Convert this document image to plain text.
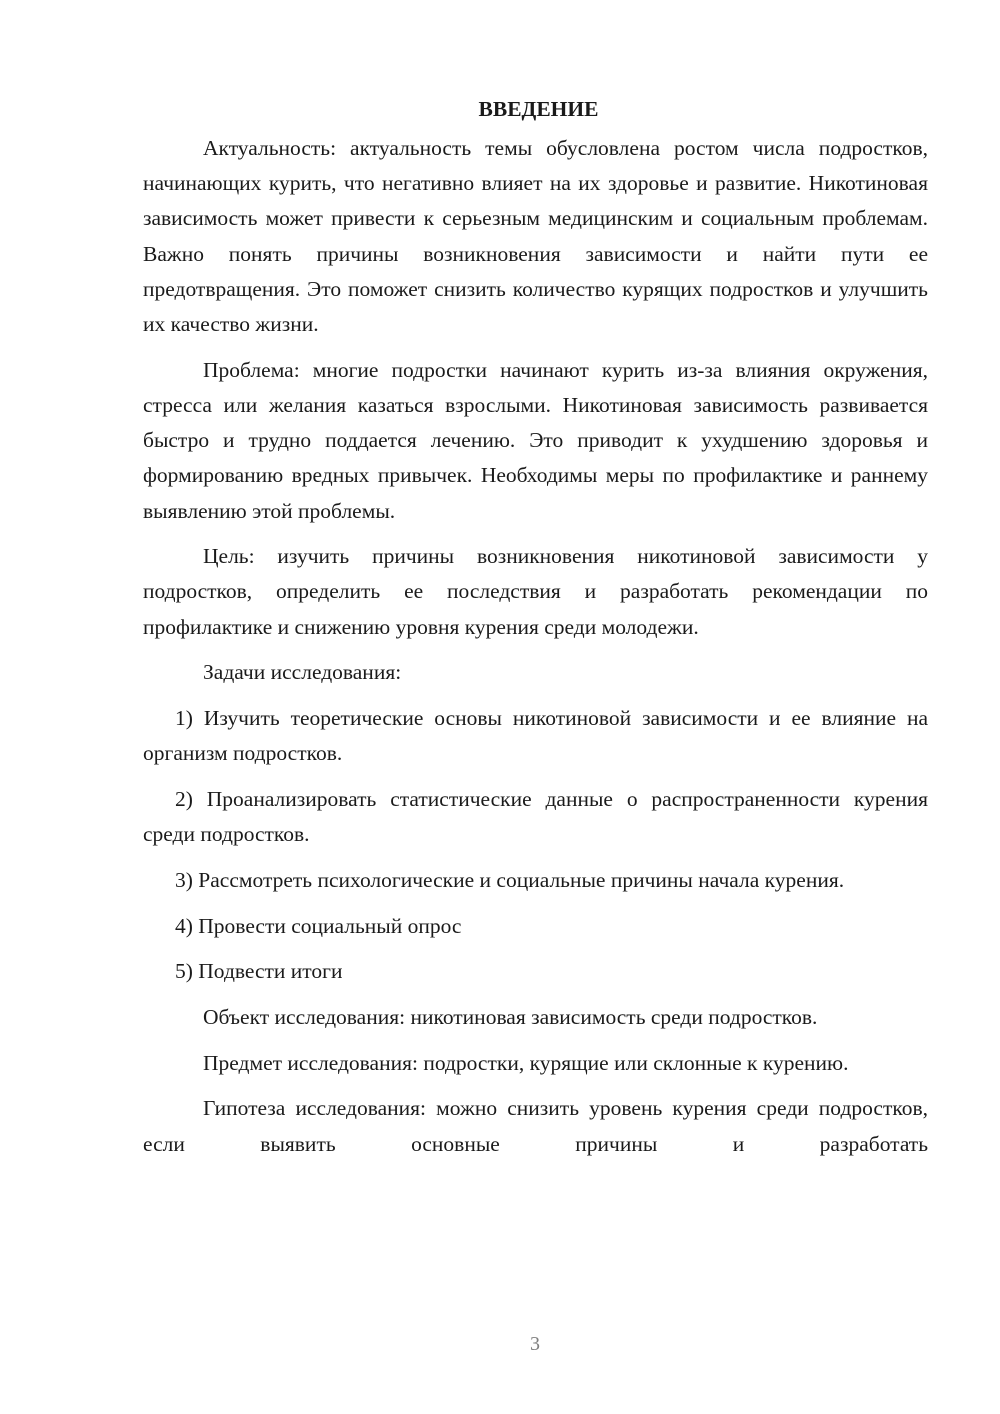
ВВЕДЕНИЕ

Актуальность: актуальность темы обусловлена ростом числа подростков, начинающих курить, что негативно влияет на их здоровье и развитие. Никотиновая зависимость может привести к серьезным медицинским и социальным проблемам. Важно понять причины возникновения зависимости и найти пути ее предотвращения. Это поможет снизить количество курящих подростков и улучшить их качество жизни.

Проблема: многие подростки начинают курить из-за влияния окружения, стресса или желания казаться взрослыми. Никотиновая зависимость развивается быстро и трудно поддается лечению. Это приводит к ухудшению здоровья и формированию вредных привычек. Необходимы меры по профилактике и раннему выявлению этой проблемы.

Цель: изучить причины возникновения никотиновой зависимости у подростков, определить ее последствия и разработать рекомендации по профилактике и снижению уровня курения среди молодежи.

Задачи исследования:

1) Изучить теоретические основы никотиновой зависимости и ее влияние на организм подростков.

2) Проанализировать статистические данные о распространенности курения среди подростков.

3) Рассмотреть психологические и социальные причины начала курения.

4) Провести социальный опрос

5) Подвести итоги

Объект исследования: никотиновая зависимость среди подростков.

Предмет исследования: подростки, курящие или склонные к курению.

Гипотеза исследования: можно снизить уровень курения среди подростков, если выявить основные причины и разработать

3
